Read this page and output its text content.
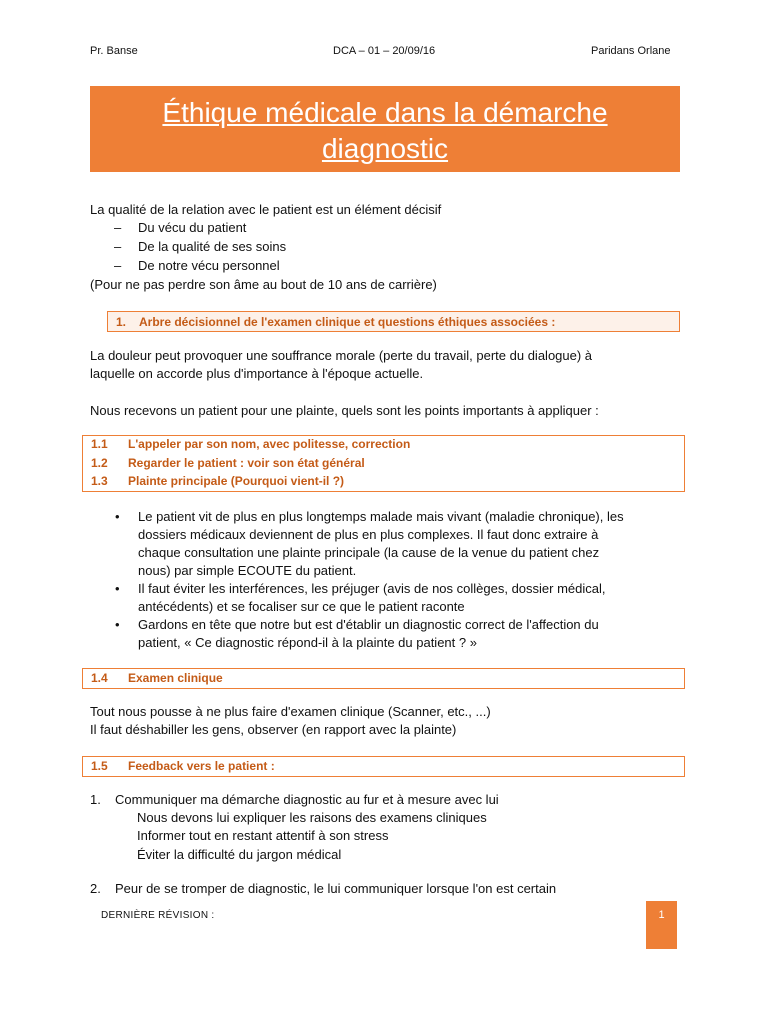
Pr. Banse	DCA – 01 – 20/09/16	Paridans Orlane
Éthique médicale dans la démarche
diagnostic
La qualité de la relation avec le patient est un élément décisif
– Du vécu du patient
– De la qualité de ses soins
– De notre vécu personnel
(Pour ne pas perdre son âme au bout de 10 ans de carrière)
1. Arbre décisionnel de l'examen clinique et questions éthiques associées :
La douleur peut provoquer une souffrance morale (perte du travail, perte du dialogue) à
laquelle on accorde plus d'importance à l'époque actuelle.
Nous recevons un patient pour une plainte, quels sont les points importants à appliquer :
1.1 L'appeler par son nom, avec politesse, correction
1.2 Regarder le patient : voir son état général
1.3 Plainte principale (Pourquoi vient-il ?)
• Le patient vit de plus en plus longtemps malade mais vivant (maladie chronique), les
dossiers médicaux deviennent de plus en plus complexes. Il faut donc extraire à
chaque consultation une plainte principale (la cause de la venue du patient chez
nous) par simple ECOUTE du patient.
• Il faut éviter les interférences, les préjuger (avis de nos collèges, dossier médical,
antécédents) et se focaliser sur ce que le patient raconte
• Gardons en tête que notre but est d'établir un diagnostic correct de l'affection du
patient, « Ce diagnostic répond-il à la plainte du patient ? »
1.4 Examen clinique
Tout nous pousse à ne plus faire d'examen clinique (Scanner, etc., ...)
Il faut déshabiller les gens, observer (en rapport avec la plainte)
1.5 Feedback vers le patient :
1. Communiquer ma démarche diagnostic au fur et à mesure avec lui
Nous devons lui expliquer les raisons des examens cliniques
Informer tout en restant attentif à son stress
Éviter la difficulté du jargon médical
2. Peur de se tromper de diagnostic, le lui communiquer lorsque l'on est certain
DERNIÈRE RÉVISION :	1
